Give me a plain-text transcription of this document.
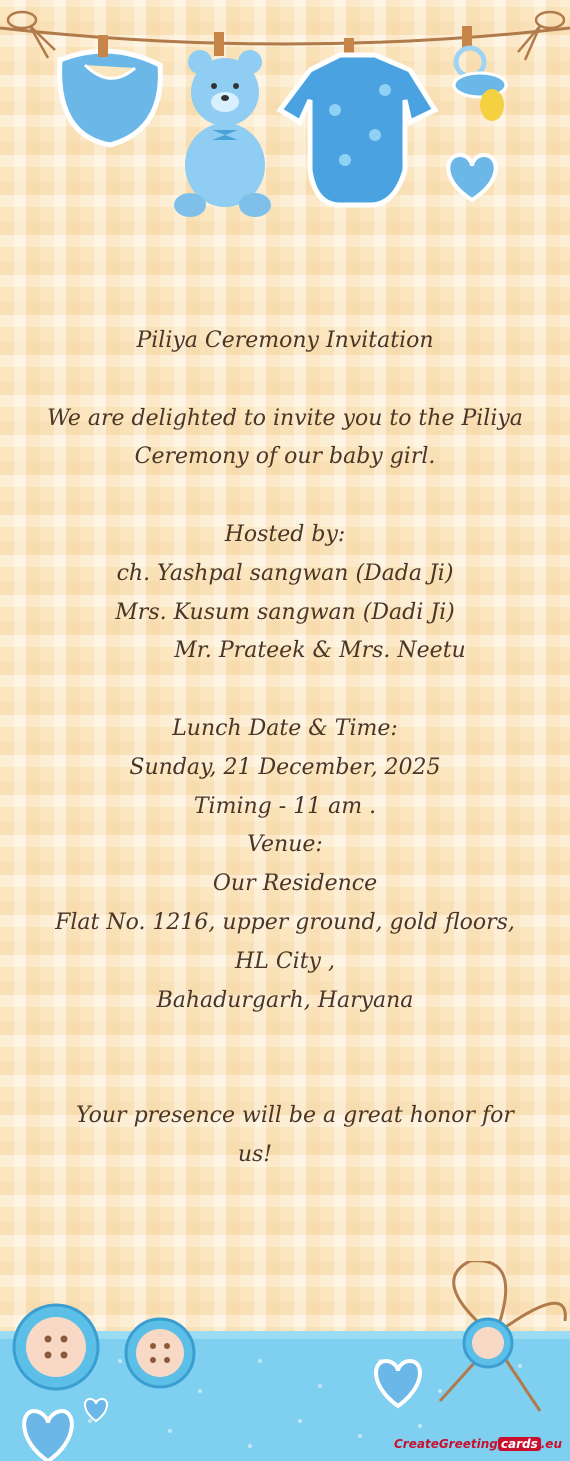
Piliya Ceremony Invitation
We are delighted to invite you to the Piliya
Ceremony of our baby girl.
Hosted by:
ch. Yashpal sangwan (Dada Ji)
Mrs. Kusum sangwan (Dadi Ji)
Mr. Prateek & Mrs. Neetu
Lunch Date & Time:
Sunday, 21 December, 2025
Timing - 11 am .
Venue:
Our Residence
Flat No. 1216, upper ground, gold floors,
HL City ,
Bahadurgarh, Haryana
Your presence will be a great honor for
us!
CreateGreeting cards .eu
